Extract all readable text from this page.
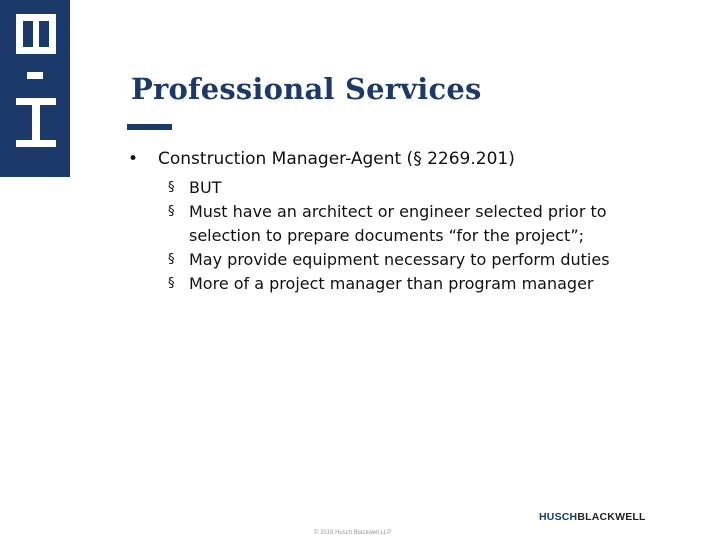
Professional Services
• Construction Manager-Agent (§ 2269.201)
§ BUT
§ Must have an architect or engineer selected prior to
selection to prepare documents “for the project”;
§ May provide equipment necessary to perform duties
§ More of a project manager than program manager
© 2019 Husch Blackwell LLP
HUSCHBLACKWELL
